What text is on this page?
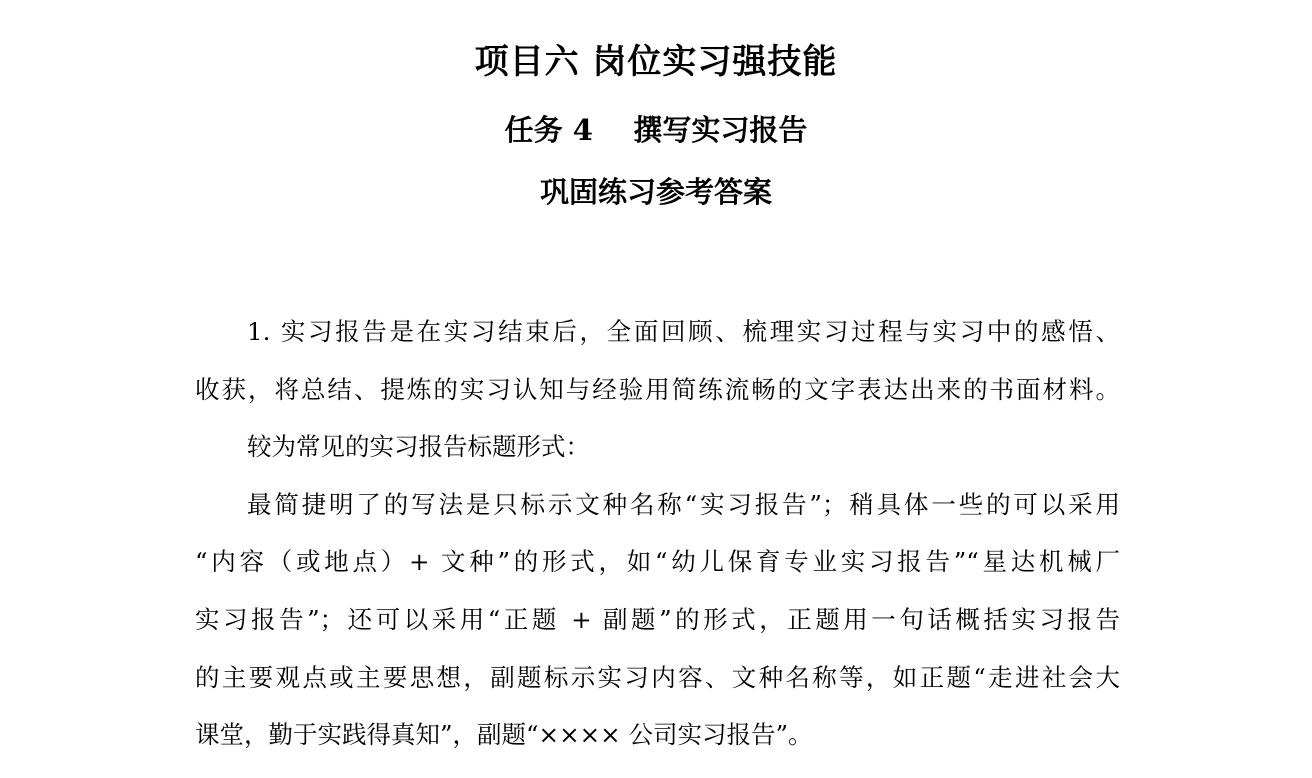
项目六 岗位实习强技能
任务 4    撰写实习报告
巩固练习参考答案
1. 实习报告是在实习结束后，全面回顾、梳理实习过程与实习中的感悟、
收获，将总结、提炼的实习认知与经验用简练流畅的文字表达出来的书面材料。
较为常见的实习报告标题形式：
最简捷明了的写法是只标示文种名称“实习报告”；稍具体一些的可以采用
“内容（或地点）+ 文种”的形式，如“幼儿保育专业实习报告”“星达机械厂
实习报告”；还可以采用“正题 + 副题”的形式，正题用一句话概括实习报告
的主要观点或主要思想，副题标示实习内容、文种名称等，如正题“走进社会大
课堂，勤于实践得真知”，副题“×××× 公司实习报告”。
